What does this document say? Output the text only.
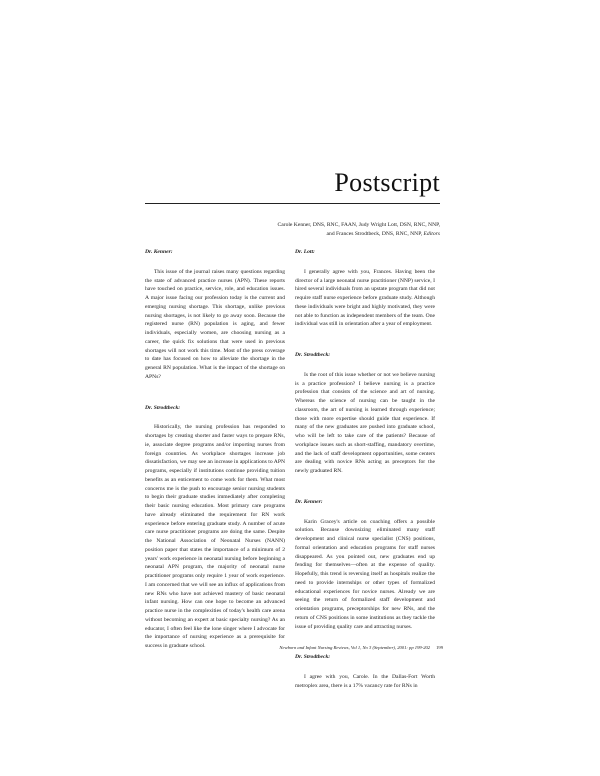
Postscript
Carole Kenner, DNS, RNC, FAAN, Judy Wright Lott, DSN, RNC, NNP,
and Frances Strodtbeck, DNS, RNC, NNP, Editors
Dr. Kenner:
This issue of the journal raises many questions regarding the state of advanced practice nurses (APN). These reports have touched on practice, service, role, and education issues. A major issue facing our profession today is the current and emerging nursing shortage. This shortage, unlike previous nursing shortages, is not likely to go away soon. Because the registered nurse (RN) population is aging, and fewer individuals, especially women, are choosing nursing as a career, the quick fix solutions that were used in previous shortages will not work this time. Most of the press coverage to date has focused on how to alleviate the shortage in the general RN population. What is the impact of the shortage on APNs?
Dr. Strodtbeck:
Historically, the nursing profession has responded to shortages by creating shorter and faster ways to prepare RNs, ie, associate degree programs and/or importing nurses from foreign countries. As workplace shortages increase job dissatisfaction, we may see an increase in applications to APN programs, especially if institutions continue providing tuition benefits as an enticement to come work for them. What most concerns me is the push to encourage senior nursing students to begin their graduate studies immediately after completing their basic nursing education. Most primary care programs have already eliminated the requirement for RN work experience before entering graduate study. A number of acute care nurse practitioner programs are doing the same. Despite the National Association of Neonatal Nurses (NANN) position paper that states the importance of a minimum of 2 years' work experience in neonatal nursing before beginning a neonatal APN program, the majority of neonatal nurse practitioner programs only require 1 year of work experience. I am concerned that we will see an influx of applications from new RNs who have not achieved mastery of basic neonatal infant nursing. How can one hope to become an advanced practice nurse in the complexities of today's health care arena without becoming an expert at basic specialty nursing? As an educator, I often feel like the lone singer where I advocate for the importance of nursing experience as a prerequisite for success in graduate school.
Dr. Lott:
I generally agree with you, Frances. Having been the director of a large neonatal nurse practitioner (NNP) service, I hired several individuals from an upstate program that did not require staff nurse experience before graduate study. Although these individuals were bright and highly motivated, they were not able to function as independent members of the team. One individual was still in orientation after a year of employment.
Dr. Strodtbeck:
Is the root of this issue whether or not we believe nursing is a practice profession? I believe nursing is a practice profession that consists of the science and art of nursing. Whereas the science of nursing can be taught in the classroom, the art of nursing is learned through experience; those with more expertise should guide that experience. If many of the new graduates are pushed into graduate school, who will be left to take care of the patients? Because of workplace issues such as short-staffing, mandatory overtime, and the lack of staff development opportunities, some centers are dealing with novice RNs acting as preceptors for the newly graduated RN.
Dr. Kenner:
Karin Gracey's article on coaching offers a possible solution. Because downsizing eliminated many staff development and clinical nurse specialist (CNS) positions, formal orientation and education programs for staff nurses disappeared. As you pointed out, new graduates end up fending for themselves—often at the expense of quality. Hopefully, this trend is reversing itself as hospitals realize the need to provide internships or other types of formalized educational experiences for novice nurses. Already we are seeing the return of formalized staff development and orientation programs, preceptorships for new RNs, and the return of CNS positions in some institutions as they tackle the issue of providing quality care and attracting nurses.
Dr. Strodtbeck:
I agree with you, Carole. In the Dallas-Fort Worth metroplex area, there is a 17% vacancy rate for RNs in
Newborn and Infant Nursing Reviews, Vol 1, No 3 (September), 2001: pp 199-202 199
